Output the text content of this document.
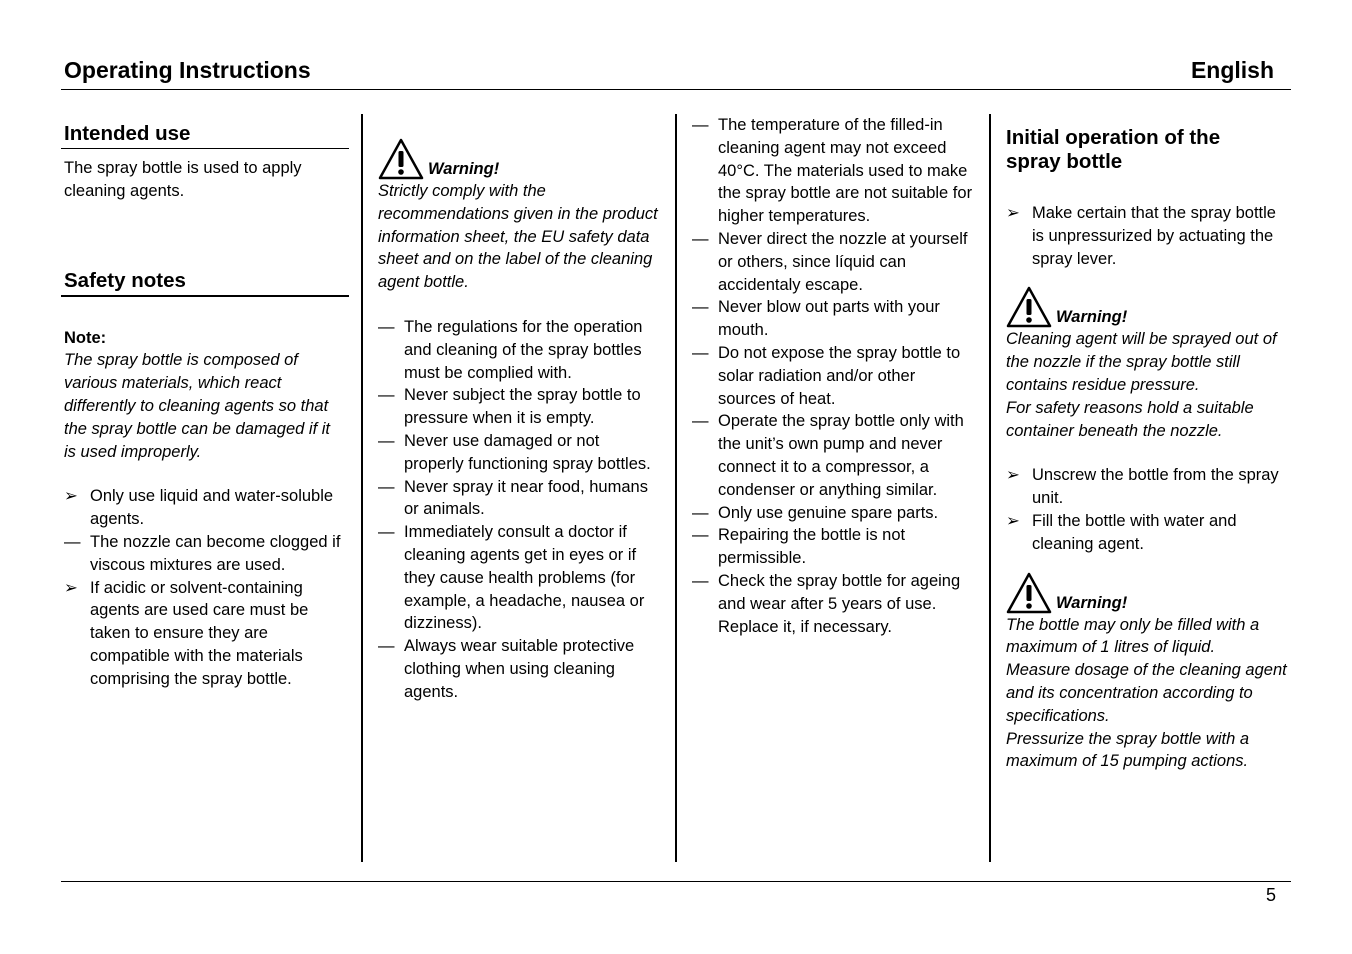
Operating Instructions	English
Intended use

The spray bottle is used to apply cleaning agents.

Safety notes

Note:

The spray bottle is composed of various materials, which react differently to cleaning agents so that the spray bottle can be damaged if it is used improperly.

➢ Only use liquid and water-soluble agents.
— The nozzle can become clogged if viscous mixtures are used.
➢ If acidic or solvent-containing agents are used care must be taken to ensure they are compatible with the materials comprising the spray bottle.
Warning!

Strictly comply with the recommendations given in the product information sheet, the EU safety data sheet and on the label of the cleaning agent bottle.

— The regulations for the operation and cleaning of the spray bottles must be complied with.
— Never subject the spray bottle to pressure when it is empty.
— Never use damaged or not properly functioning spray bottles.
— Never spray it near food, humans or animals.
— Immediately consult a doctor if cleaning agents get in eyes or if they cause health problems (for example, a headache, nausea or dizziness).
— Always wear suitable protective clothing when using cleaning agents.
— The temperature of the filled-in cleaning agent may not exceed 40°C. The materials used to make the spray bottle are not suitable for higher temperatures.
— Never direct the nozzle at yourself or others, since líquid can accidentaly escape.
— Never blow out parts with your mouth.
— Do not expose the spray bottle to solar radiation and/or other sources of heat.
— Operate the spray bottle only with the unit’s own pump and never connect it to a compressor, a condenser or anything similar.
— Only use genuine spare parts.
— Repairing the bottle is not permissible.
— Check the spray bottle for ageing and wear after 5 years of use. Replace it, if necessary.
Initial operation of the spray bottle
➢ Make certain that the spray bottle is unpressurized by actuating the spray lever.
Warning!

Cleaning agent will be sprayed out of the nozzle if the spray bottle still contains residue pressure.

For safety reasons hold a suitable container beneath the nozzle.

➢ Unscrew the bottle from the spray unit.
➢ Fill the bottle with water and cleaning agent.
Warning!

The bottle may only be filled with a maximum of 1 litres of liquid.

Measure dosage of the cleaning agent and its concentration according to specifications.

Pressurize the spray bottle with a maximum of 15 pumping actions.

5
